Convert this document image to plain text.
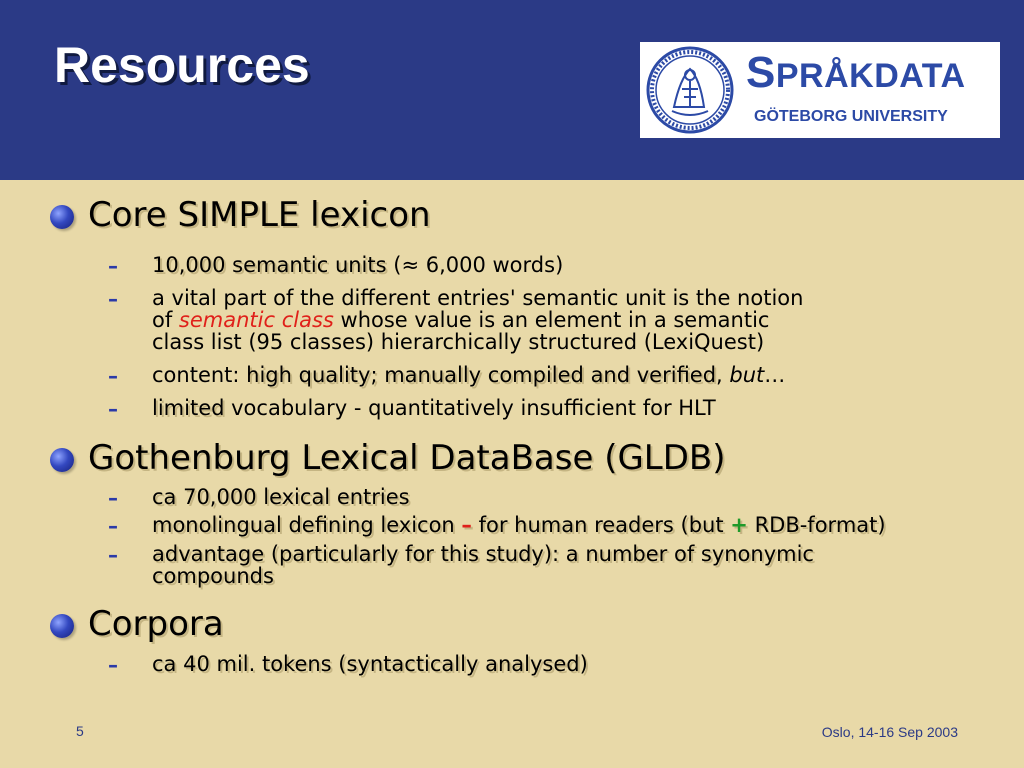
Resources	SPRÅKDATA
GÖTEBORG UNIVERSITY
Core SIMPLE lexicon
– 10,000 semantic units (≈ 6,000 words)
– a vital part of the different entries' semantic unit is the notion
of semantic class whose value is an element in a semantic
class list (95 classes) hierarchically structured (LexiQuest)
– content: high quality; manually compiled and verified, but…
– limited vocabulary - quantitatively insufficient for HLT
Gothenburg Lexical DataBase (GLDB)
– ca 70,000 lexical entries
– monolingual defining lexicon – for human readers (but + RDB-format)
– advantage (particularly for this study): a number of synonymic
compounds
Corpora
– ca 40 mil. tokens (syntactically analysed)
5	Oslo, 14-16 Sep 2003
